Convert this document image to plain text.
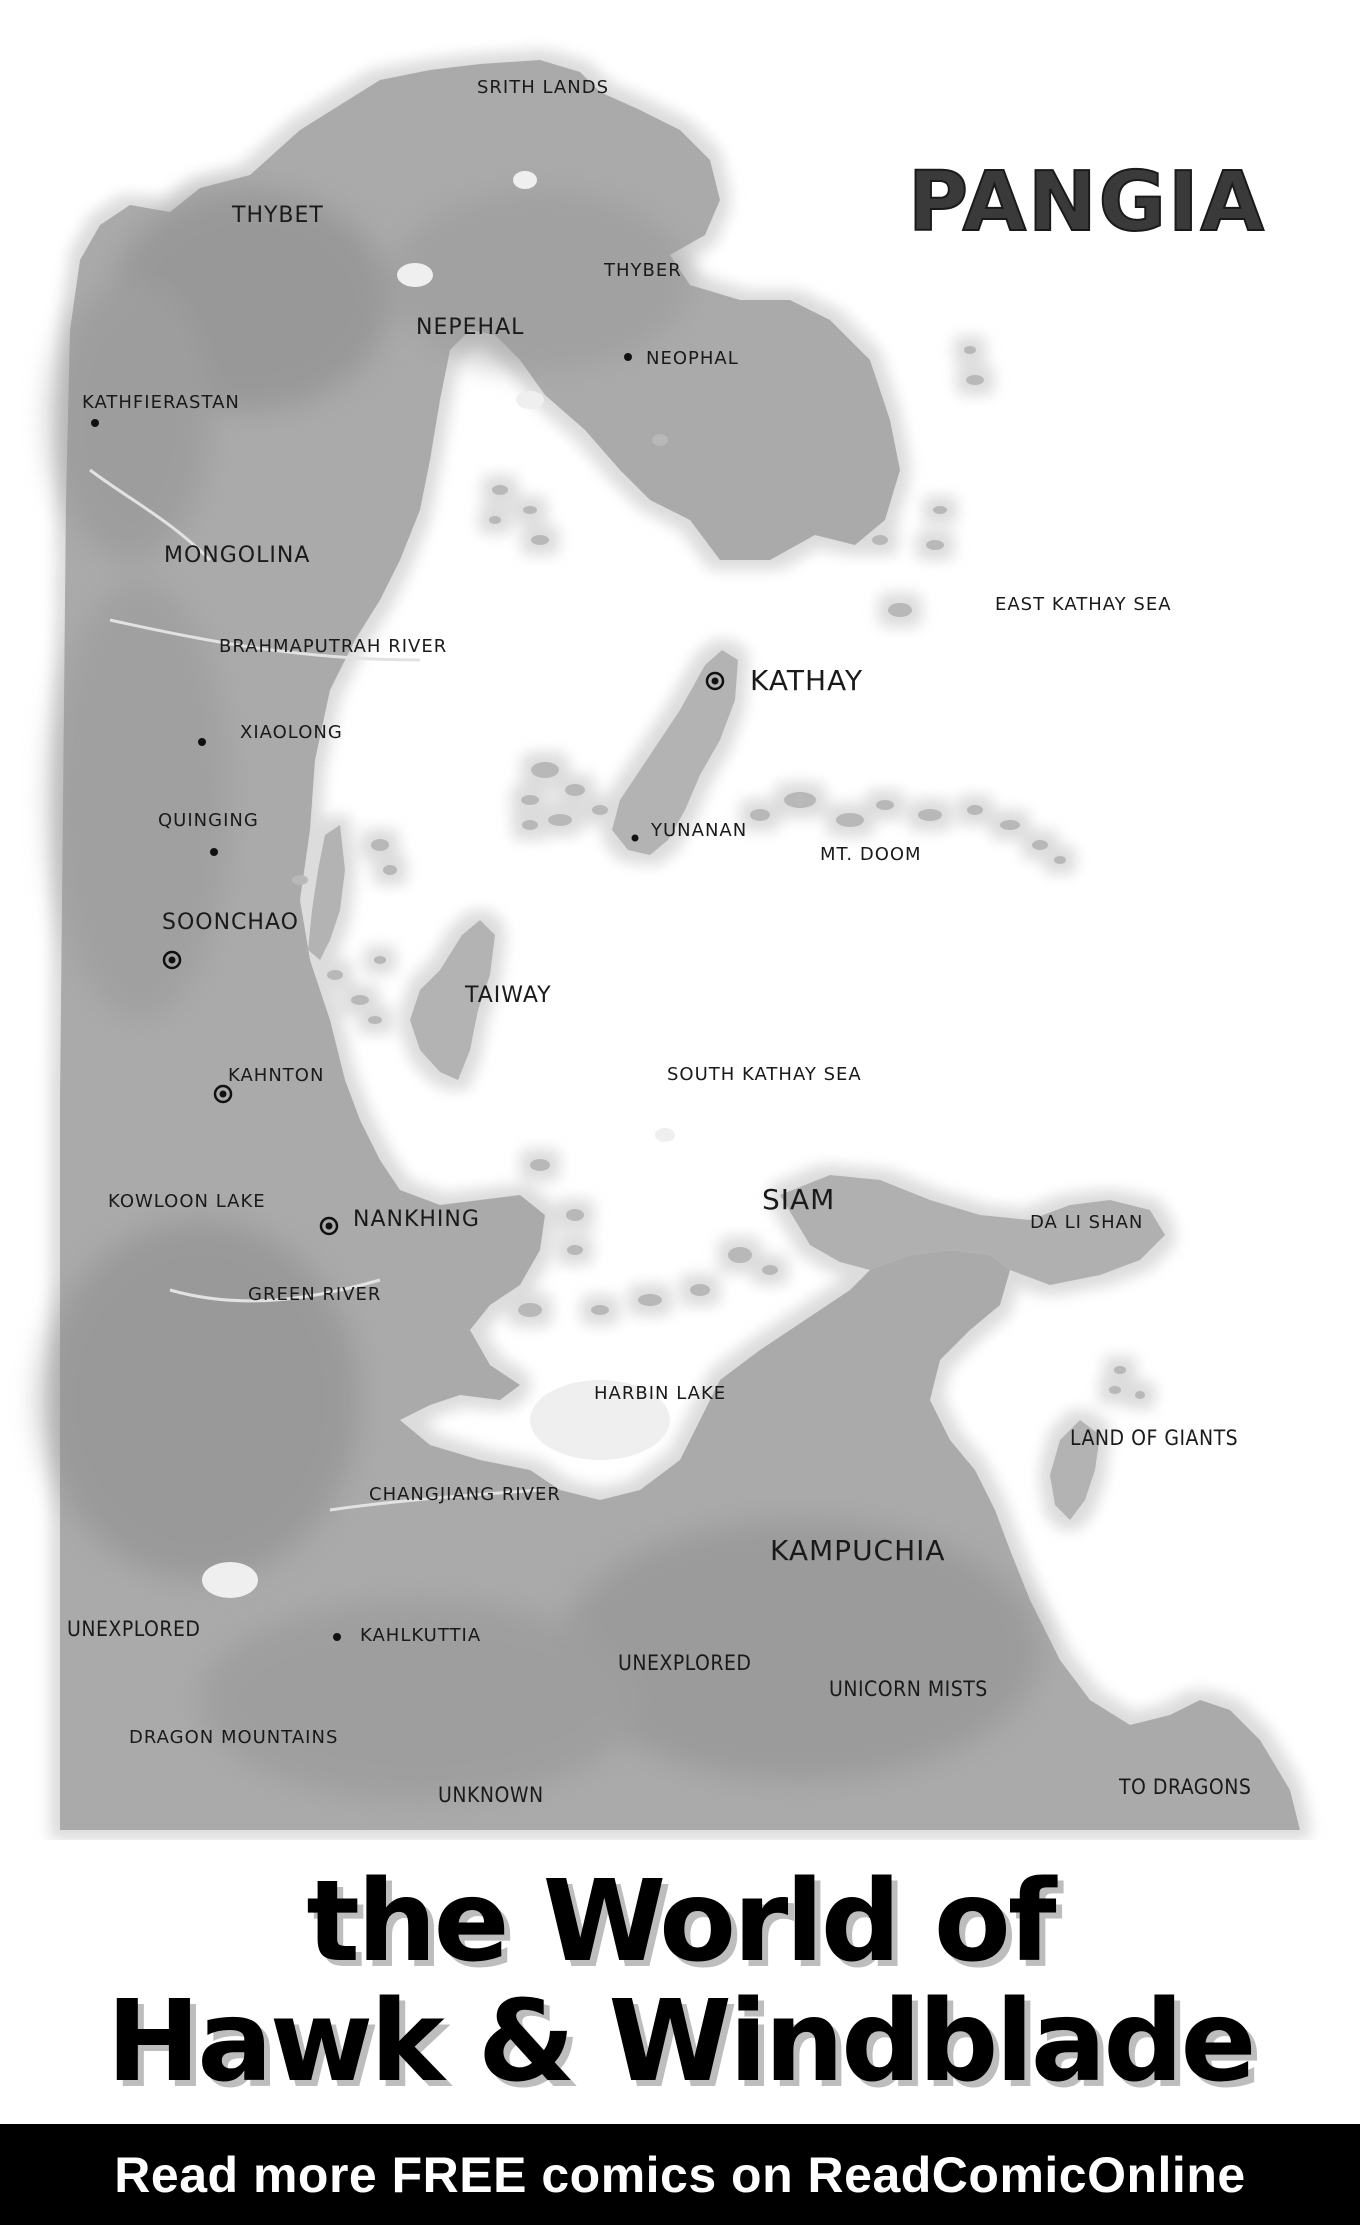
PANGIA
SRITH LANDS
THYBET
THYBER
NEPEHAL
NEOPHAL
KATHFIERASTAN
MONGOLINA
EAST KATHAY SEA
BRAHMAPUTRAH RIVER
KATHAY
XIAOLONG
QUINGING	YUNANAN
MT. DOOM
SOONCHAO
TAIWAY
KAHNTON	SOUTH KATHAY SEA
KOWLOON LAKE
NANKHING
SIAM
DA LI SHAN
GREEN RIVER
HARBIN LAKE
LAND OF GIANTS
CHANGJIANG RIVER
KAMPUCHIA
UNEXPLORED	KAHLKUTTIA
UNEXPLORED
UNICORN MISTS
DRAGON MOUNTAINS
UNKNOWN	TO DRAGONS
the World of
Hawk & Windblade
Read more FREE comics on ReadComicOnline
